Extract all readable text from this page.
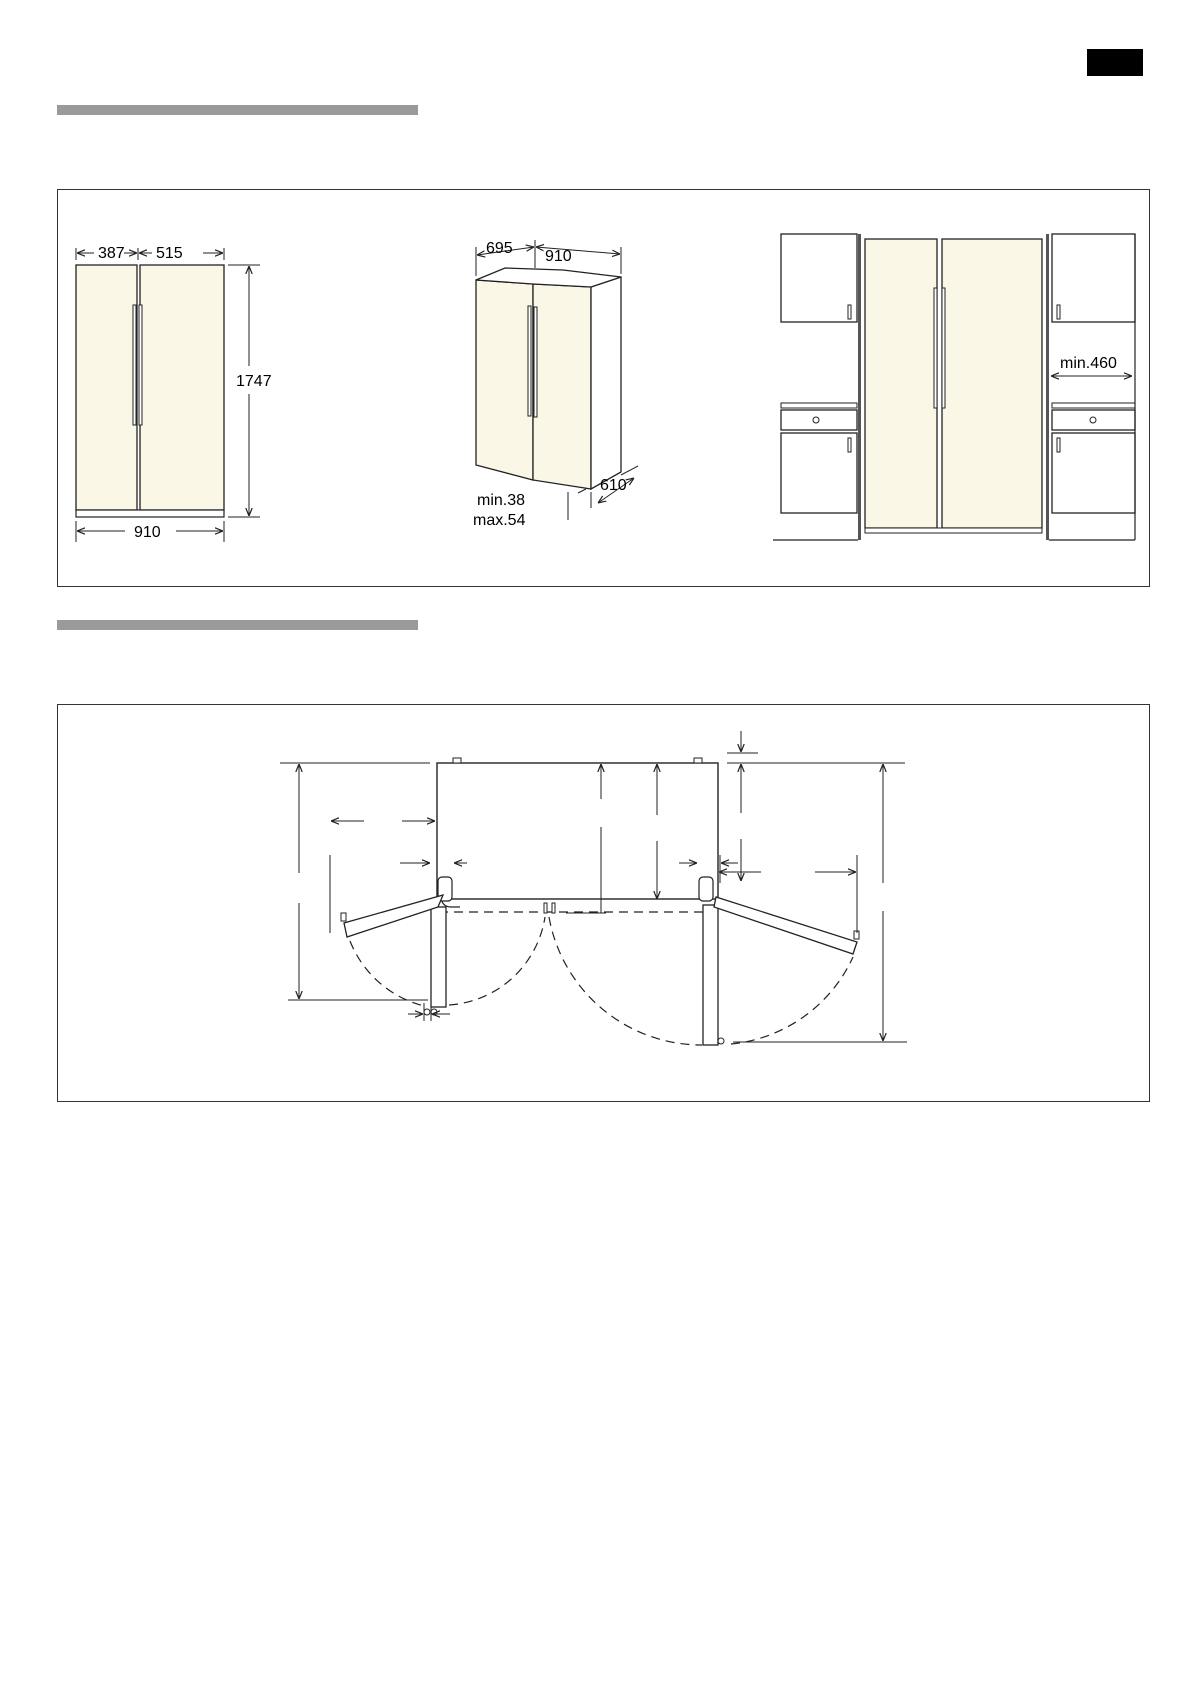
387 515
1747
910
695 910
610
min.38
max.54
min.460
